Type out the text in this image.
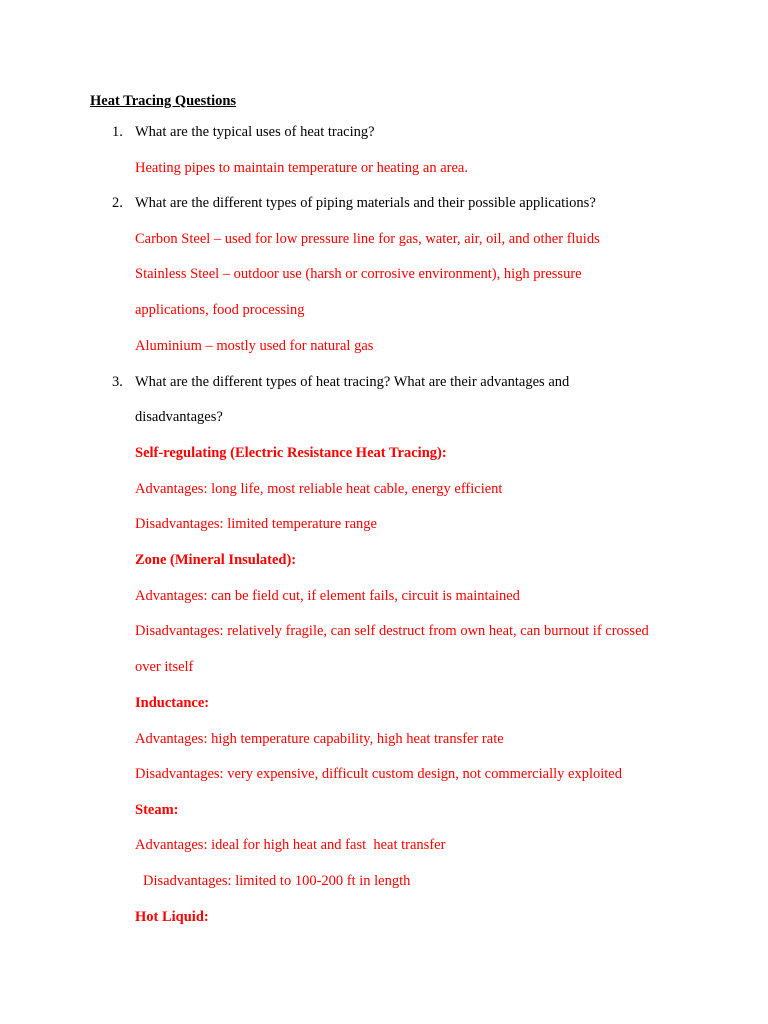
Heat Tracing Questions
1. What are the typical uses of heat tracing?
Heating pipes to maintain temperature or heating an area.
2. What are the different types of piping materials and their possible applications?
Carbon Steel – used for low pressure line for gas, water, air, oil, and other fluids
Stainless Steel – outdoor use (harsh or corrosive environment), high pressure
applications, food processing
Aluminium – mostly used for natural gas
3. What are the different types of heat tracing? What are their advantages and
disadvantages?
Self-regulating (Electric Resistance Heat Tracing):
Advantages: long life, most reliable heat cable, energy efficient
Disadvantages: limited temperature range
Zone (Mineral Insulated):
Advantages: can be field cut, if element fails, circuit is maintained
Disadvantages: relatively fragile, can self destruct from own heat, can burnout if crossed
over itself
Inductance:
Advantages: high temperature capability, high heat transfer rate
Disadvantages: very expensive, difficult custom design, not commercially exploited
Steam:
Advantages: ideal for high heat and fast  heat transfer
Disadvantages: limited to 100-200 ft in length
Hot Liquid:
